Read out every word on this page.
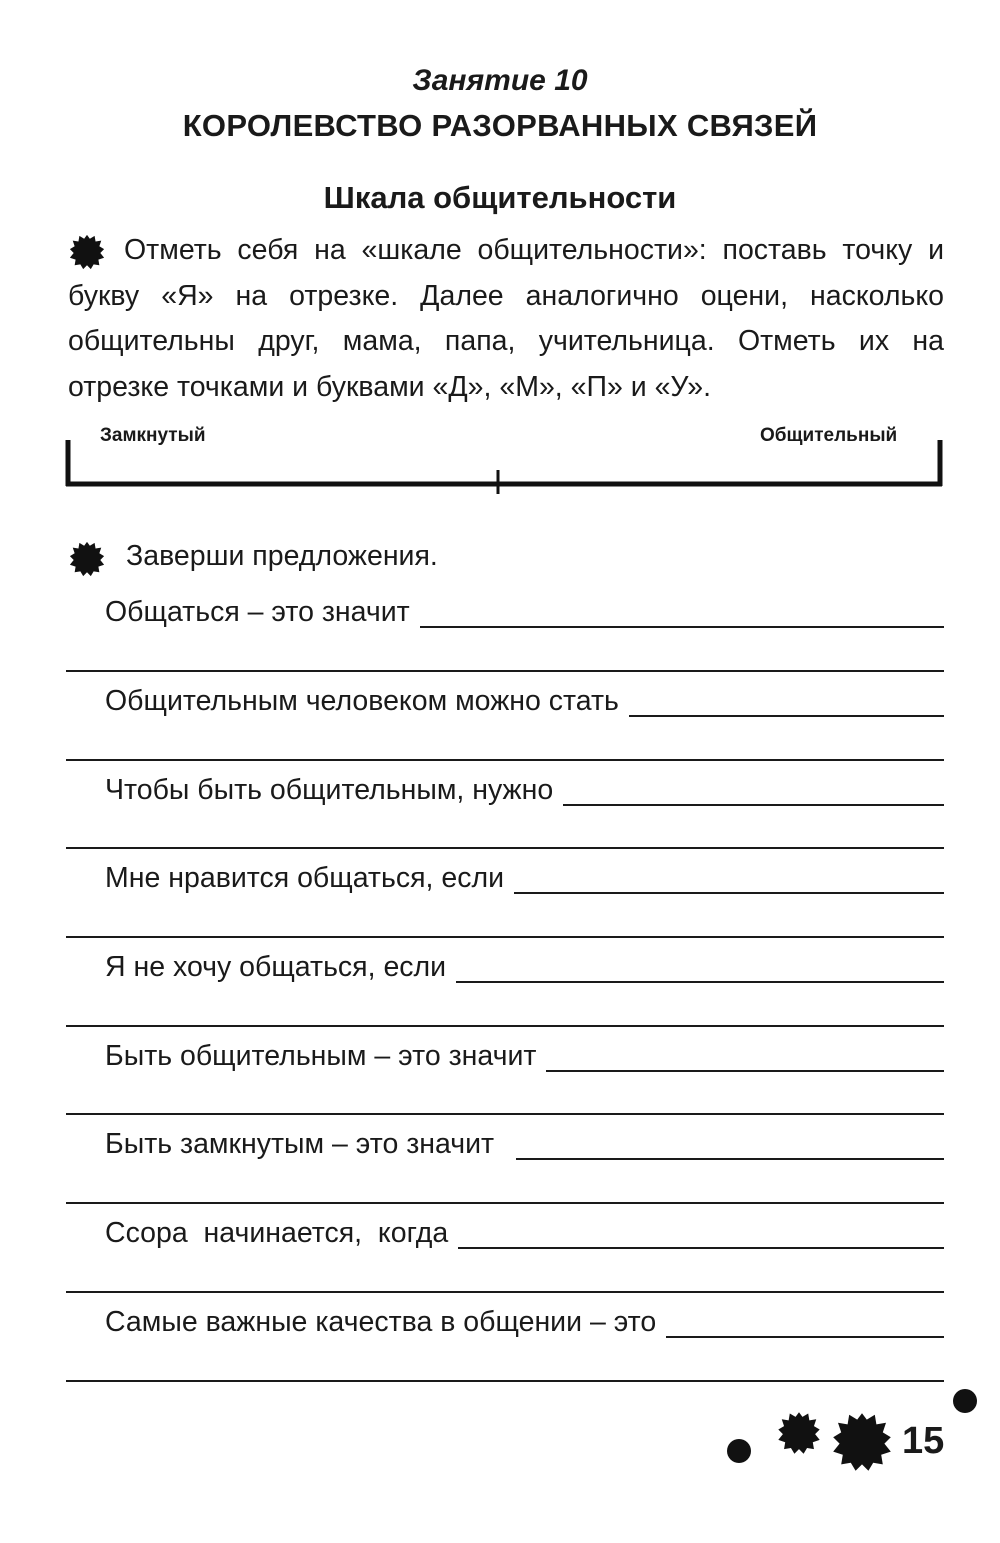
Занятие 10
КОРОЛЕВСТВО РАЗОРВАННЫХ СВЯЗЕЙ
Шкала общительности
Отметь себя на «шкале общительности»: поставь точку и букву «Я» на отрезке. Далее аналогично оцени, насколько общительны друг, мама, папа, учительница. Отметь их на отрезке точками и буквами «Д», «М», «П» и «У».
Замкнутый	Общительный
Заверши предложения.
Общаться – это значит
Общительным человеком можно стать
Чтобы быть общительным, нужно
Мне нравится общаться, если
Я не хочу общаться, если
Быть общительным – это значит
Быть замкнутым – это значит
Ссора  начинается,  когда
Самые важные качества в общении – это
15
